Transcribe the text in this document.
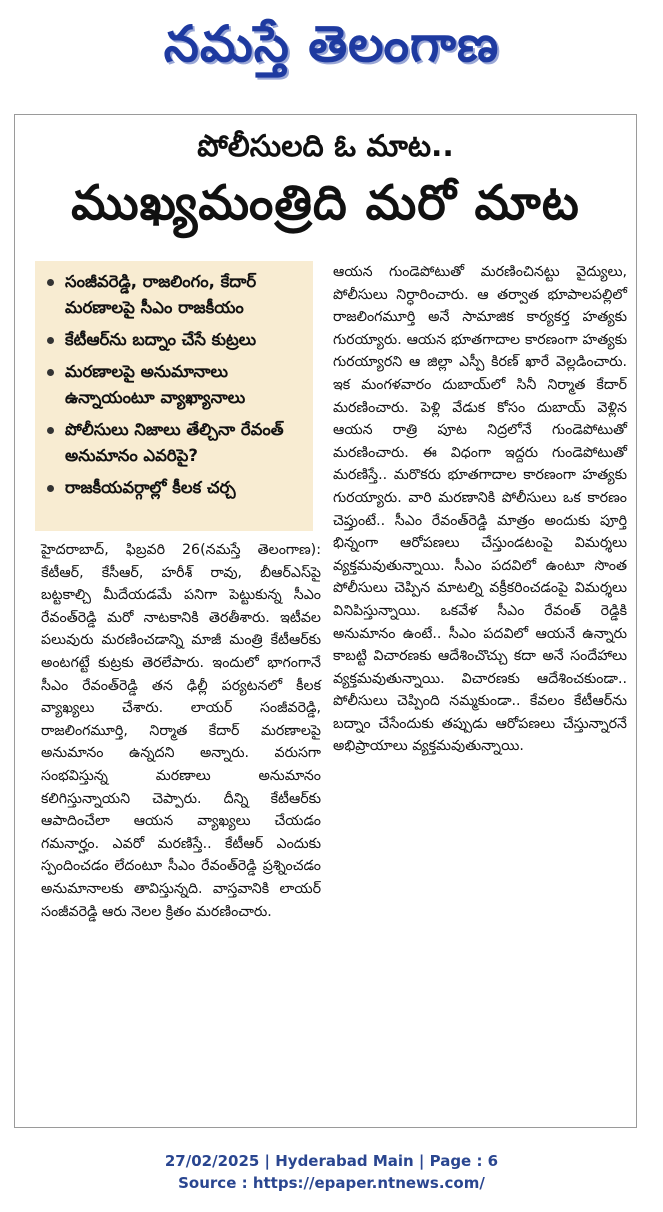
నమస్తే తెలంగాణ
పోలీసులది ఓ మాట..
ముఖ్యమంత్రిది మరో మాట
సంజీవరెడ్డి, రాజలింగం, కేదార్ మరణాలపై సీఎం రాజకీయం
కేటీఆర్‌ను బద్నాం చేసే కుట్రలు
మరణాలపై అనుమానాలు ఉన్నాయంటూ వ్యాఖ్యానాలు
పోలీసులు నిజాలు తేల్చినా రేవంత్ అనుమానం ఎవరిపై?
రాజకీయవర్గాల్లో కీలక చర్చ
హైదరాబాద్, ఫిబ్రవరి 26(నమస్తే తెలంగాణ): కేటీఆర్, కేసీఆర్, హరీశ్ రావు, బీఆర్‌ఎస్‌పై బట్టకాల్చి మీదేయడమే పనిగా పెట్టుకున్న సీఎం రేవంత్‌రెడ్డి మరో నాటకానికి తెరతీశారు. ఇటీవల పలువురు మరణించడాన్ని మాజీ మంత్రి కేటీఆర్‌కు అంటగట్టే కుట్రకు తెరలేపారు. ఇందులో భాగంగానే సీఎం రేవంత్‌రెడ్డి తన ఢిల్లీ పర్యటనలో కీలక వ్యాఖ్యలు చేశారు. లాయర్ సంజీవరెడ్డి, రాజలింగమూర్తి, నిర్మాత కేదార్ మరణాలపై అనుమానం ఉన్నదని అన్నారు. వరుసగా సంభవిస్తున్న మరణాలు అనుమానం కలిగిస్తున్నాయని చెప్పారు. దీన్ని కేటీఆర్‌కు ఆపాదించేలా ఆయన వ్యాఖ్యలు చేయడం గమనార్హం. ఎవరో మరణిస్తే.. కేటీఆర్ ఎందుకు స్పందించడం లేదంటూ సీఎం రేవంత్‌రెడ్డి ప్రశ్నించడం అనుమానాలకు తావిస్తున్నది. వాస్తవానికి లాయర్ సంజీవరెడ్డి ఆరు నెలల క్రితం మరణించారు.
ఆయన గుండెపోటుతో మరణించినట్టు వైద్యులు, పోలీసులు నిర్ధారించారు. ఆ తర్వాత భూపాలపల్లిలో రాజలింగమూర్తి అనే సామాజిక కార్యకర్త హత్యకు గురయ్యారు. ఆయన భూతగాదాల కారణంగా హత్యకు గురయ్యారని ఆ జిల్లా ఎస్పీ కిరణ్ ఖారే వెల్లడించారు. ఇక మంగళవారం దుబాయ్‌లో సినీ నిర్మాత కేదార్ మరణించారు. పెళ్లి వేడుక కోసం దుబాయ్ వెళ్లిన ఆయన రాత్రి పూట నిద్రలోనే గుండెపోటుతో మరణించారు. ఈ విధంగా ఇద్దరు గుండెపోటుతో మరణిస్తే.. మరొకరు భూతగాదాల కారణంగా హత్యకు గురయ్యారు. వారి మరణానికి పోలీసులు ఒక కారణం చెప్తుంటే.. సీఎం రేవంత్‌రెడ్డి మాత్రం అందుకు పూర్తి భిన్నంగా ఆరోపణలు చేస్తుండటంపై విమర్శలు వ్యక్తమవుతున్నాయి. సీఎం పదవిలో ఉంటూ సొంత పోలీసులు చెప్పిన మాటల్ని వక్రీకరించడంపై విమర్శలు వినిపిస్తున్నాయి. ఒకవేళ సీఎం రేవంత్ రెడ్డికి అనుమానం ఉంటే.. సీఎం పదవిలో ఆయనే ఉన్నారు కాబట్టి విచారణకు ఆదేశించొచ్చు కదా అనే సందేహాలు వ్యక్తమవుతున్నాయి. విచారణకు ఆదేశించకుండా.. పోలీసులు చెప్పింది నమ్మకుండా.. కేవలం కేటీఆర్‌ను బద్నాం చేసేందుకు తప్పుడు ఆరోపణలు చేస్తున్నారనే అభిప్రాయాలు వ్యక్తమవుతున్నాయి.
27/02/2025 | Hyderabad Main | Page : 6
Source : https://epaper.ntnews.com/
